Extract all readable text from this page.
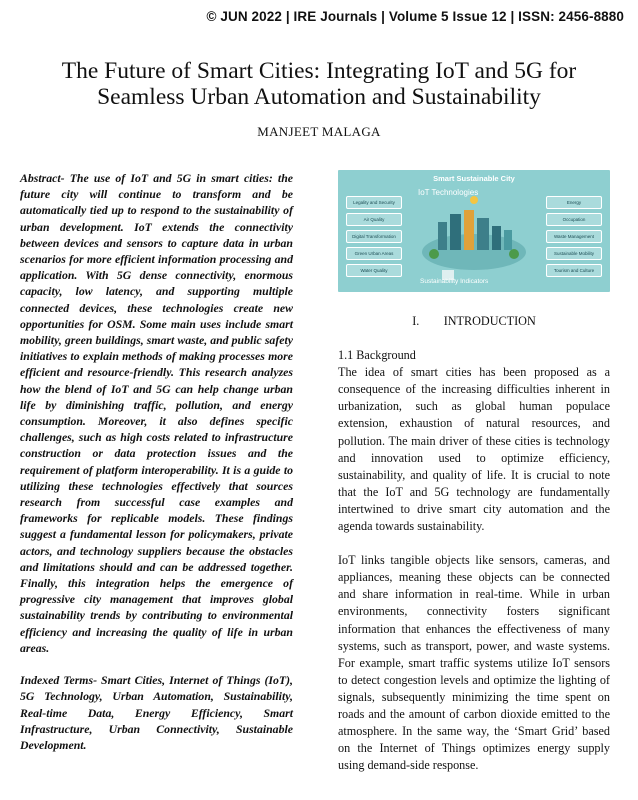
© JUN 2022 | IRE Journals | Volume 5 Issue 12 | ISSN: 2456-8880
The Future of Smart Cities: Integrating IoT and 5G for Seamless Urban Automation and Sustainability
MANJEET MALAGA

Abstract- The use of IoT and 5G in smart cities: the future city will continue to transform and be automatically tied up to respond to the sustainability of urban development. IoT extends the connectivity between devices and sensors to capture data in urban scenarios for more efficient information processing and application. With 5G dense connectivity, enormous capacity, low latency, and supporting multiple connected devices, these technologies create new opportunities for OSM. Some main uses include smart mobility, green buildings, smart waste, and public safety initiatives to explain methods of making processes more efficient and resource-friendly. This research analyzes how the blend of IoT and 5G can help change urban life by diminishing traffic, pollution, and energy consumption. Moreover, it also defines specific challenges, such as high costs related to infrastructure construction or data protection issues and the requirement of platform interoperability. It is a guide to utilizing these technologies effectively that sources research from successful case examples and frameworks for replicable models. These findings suggest a fundamental lesson for policymakers, private actors, and technology suppliers because the obstacles and limitations should and can be addressed together. Finally, this integration helps the emergence of progressive city management that improves global sustainability trends by contributing to environmental efficiency and increasing the quality of life in urban areas.

Indexed Terms- Smart Cities, Internet of Things (IoT), 5G Technology, Urban Automation, Sustainability, Real-time Data, Energy Efficiency, Smart Infrastructure, Urban Connectivity, Sustainable Development.

Smart Sustainable City
IoT Technologies
Legality and Security
Air Quality
Digital Transformation
Green Urban Areas
Water Quality
Energy
Occupation
Waste Management
Sustainable Mobility
Tourism and Culture
Sustainability Indicators
I.        INTRODUCTION

1.1 Background

The idea of smart cities has been proposed as a consequence of the increasing difficulties inherent in urbanization, such as global human populace extension, exhaustion of natural resources, and pollution. The main driver of these cities is technology and innovation used to optimize efficiency, sustainability, and quality of life. It is crucial to note that the IoT and 5G technology are fundamentally intertwined to drive smart city automation and the agenda towards sustainability.

IoT links tangible objects like sensors, cameras, and appliances, meaning these objects can be connected and share information in real-time. While in urban environments, connectivity fosters significant information that enhances the effectiveness of many systems, such as transport, power, and waste systems. For example, smart traffic systems utilize IoT sensors to detect congestion levels and optimize the lighting of signals, subsequently minimizing the time spent on roads and the amount of carbon dioxide emitted to the atmosphere. In the same way, the ‘Smart Grid’ based on the Internet of Things optimizes energy supply using demand-side response.
